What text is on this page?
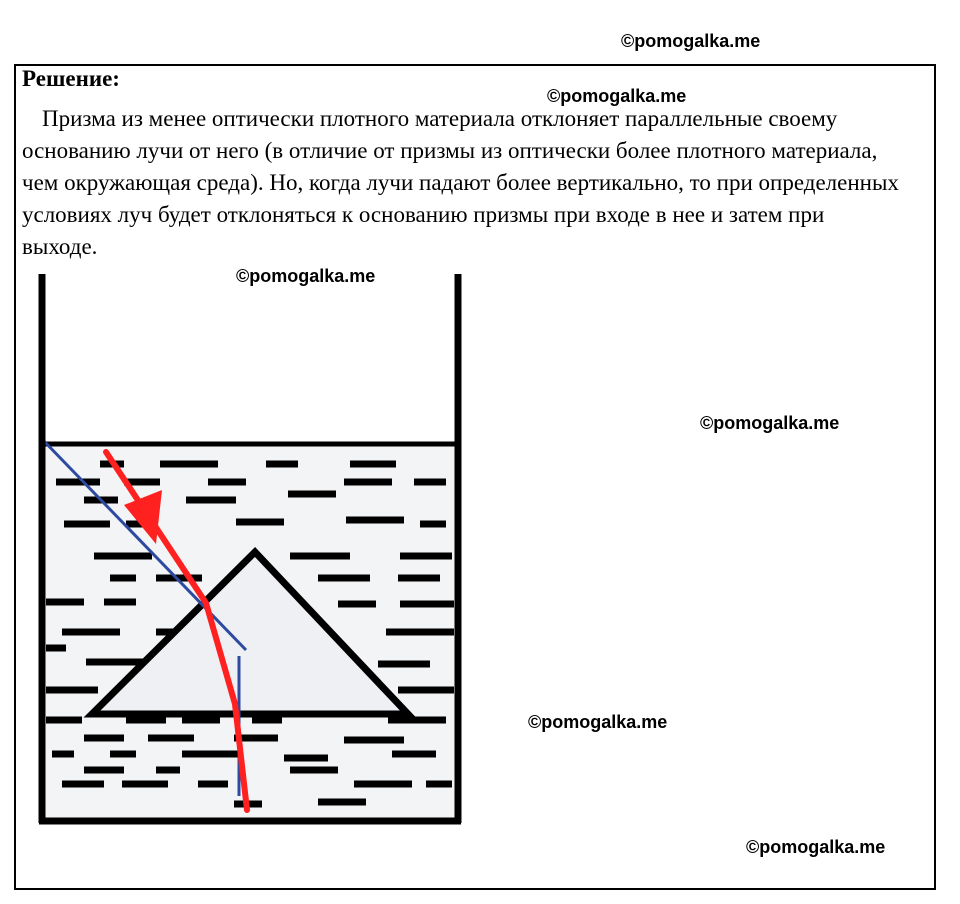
©pomogalka.me
Решение:
©pomogalka.me

Призма из менее оптически плотного материала отклоняет параллельные своему основанию лучи от него (в отличие от призмы из оптически более плотного материала, чем окружающая среда). Но, когда лучи падают более вертикально, то при определенных условиях луч будет отклоняться к основанию призмы при входе в нее и затем при выходе.

©pomogalka.me
©pomogalka.me
©pomogalka.me
©pomogalka.me
